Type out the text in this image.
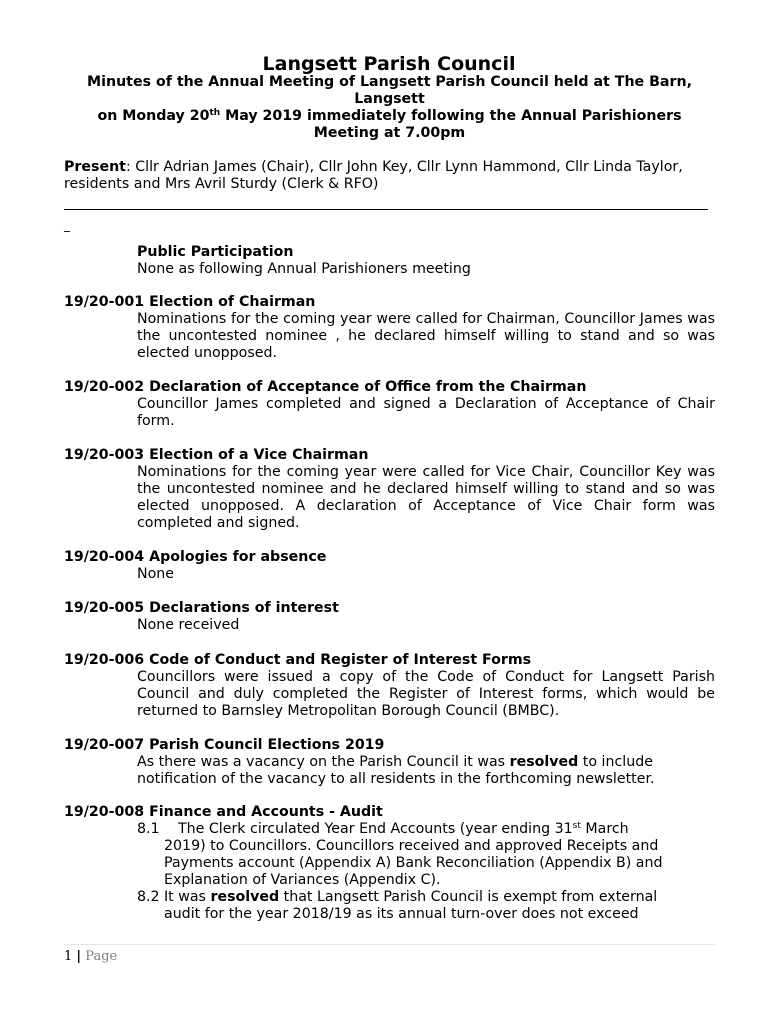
Langsett Parish Council
Minutes of the Annual Meeting of Langsett Parish Council held at The Barn, Langsett
on Monday 20th May 2019 immediately following the Annual Parishioners Meeting at 7.00pm
Present: Cllr Adrian James (Chair), Cllr John Key, Cllr Lynn Hammond, Cllr Linda Taylor, residents and Mrs Avril Sturdy (Clerk & RFO)
_
Public Participation
None as following Annual Parishioners meeting
19/20-001 Election of Chairman
Nominations for the coming year were called for Chairman, Councillor James was the uncontested nominee , he declared himself willing to stand and so was elected unopposed.
19/20-002 Declaration of Acceptance of Office from the Chairman
Councillor James completed and signed a Declaration of Acceptance of Chair form.
19/20-003 Election of a Vice Chairman
Nominations for the coming year were called for Vice Chair, Councillor Key was the uncontested nominee and he declared himself willing to stand and so was elected unopposed. A declaration of Acceptance of Vice Chair form was completed and signed.
19/20-004 Apologies for absence
None
19/20-005 Declarations of interest
None received
19/20-006 Code of Conduct and Register of Interest Forms
Councillors were issued a copy of the Code of Conduct for Langsett Parish Council and duly completed the Register of Interest forms, which would be returned to Barnsley Metropolitan Borough Council (BMBC).
19/20-007 Parish Council Elections 2019
As there was a vacancy on the Parish Council it was resolved to include notification of the vacancy to all residents in the forthcoming newsletter.
19/20-008 Finance and Accounts - Audit
8.1	The Clerk circulated Year End Accounts (year ending 31st March
2019) to Councillors. Councillors received and approved Receipts and Payments account (Appendix A) Bank Reconciliation (Appendix B) and Explanation of Variances (Appendix C).
8.2 It was resolved that Langsett Parish Council is exempt from external
audit for the year 2018/19 as its annual turn-over does not exceed
1 | Page
